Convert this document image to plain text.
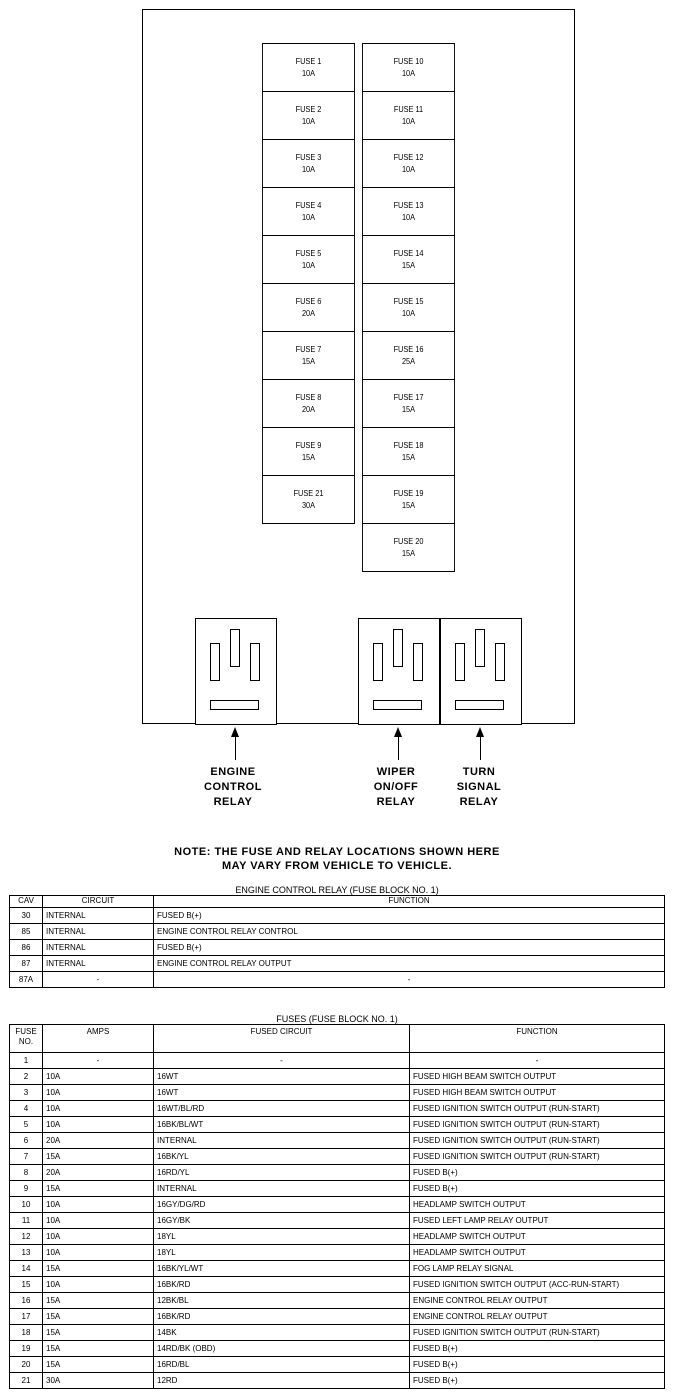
FUSE 1
10A
FUSE 2
10A
FUSE 3
10A
FUSE 4
10A
FUSE 5
10A
FUSE 6
20A
FUSE 7
15A
FUSE 8
20A
FUSE 9
15A
FUSE 21
30A
FUSE 10
10A
FUSE 11
10A
FUSE 12
10A
FUSE 13
10A
FUSE 14
15A
FUSE 15
10A
FUSE 16
25A
FUSE 17
15A
FUSE 18
15A
FUSE 19
15A
FUSE 20
15A
ENGINE
CONTROL
RELAY
WIPER
ON/OFF
RELAY
TURN
SIGNAL
RELAY
NOTE: THE FUSE AND RELAY LOCATIONS SHOWN HERE
MAY VARY FROM VEHICLE TO VEHICLE.
ENGINE CONTROL RELAY (FUSE BLOCK NO. 1)
CAV	CIRCUIT	FUNCTION
30	INTERNAL	FUSED B(+)
85	INTERNAL	ENGINE CONTROL RELAY CONTROL
86	INTERNAL	FUSED B(+)
87	INTERNAL	ENGINE CONTROL RELAY OUTPUT
87A	-	-
FUSES (FUSE BLOCK NO. 1)
FUSE NO.	AMPS	FUSED CIRCUIT	FUNCTION
1	-	-	-
2	10A	16WT	FUSED HIGH BEAM SWITCH OUTPUT
3	10A	16WT	FUSED HIGH BEAM SWITCH OUTPUT
4	10A	16WT/BL/RD	FUSED IGNITION SWITCH OUTPUT (RUN-START)
5	10A	16BK/BL/WT	FUSED IGNITION SWITCH OUTPUT (RUN-START)
6	20A	INTERNAL	FUSED IGNITION SWITCH OUTPUT (RUN-START)
7	15A	16BK/YL	FUSED IGNITION SWITCH OUTPUT (RUN-START)
8	20A	16RD/YL	FUSED B(+)
9	15A	INTERNAL	FUSED B(+)
10	10A	16GY/DG/RD	HEADLAMP SWITCH OUTPUT
11	10A	16GY/BK	FUSED LEFT LAMP RELAY OUTPUT
12	10A	18YL	HEADLAMP SWITCH OUTPUT
13	10A	18YL	HEADLAMP SWITCH OUTPUT
14	15A	16BK/YL/WT	FOG LAMP RELAY SIGNAL
15	10A	16BK/RD	FUSED IGNITION SWITCH OUTPUT (ACC-RUN-START)
16	15A	12BK/BL	ENGINE CONTROL RELAY OUTPUT
17	15A	16BK/RD	ENGINE CONTROL RELAY OUTPUT
18	15A	14BK	FUSED IGNITION SWITCH OUTPUT (RUN-START)
19	15A	14RD/BK (OBD)	FUSED B(+)
20	15A	16RD/BL	FUSED B(+)
21	30A	12RD	FUSED B(+)
